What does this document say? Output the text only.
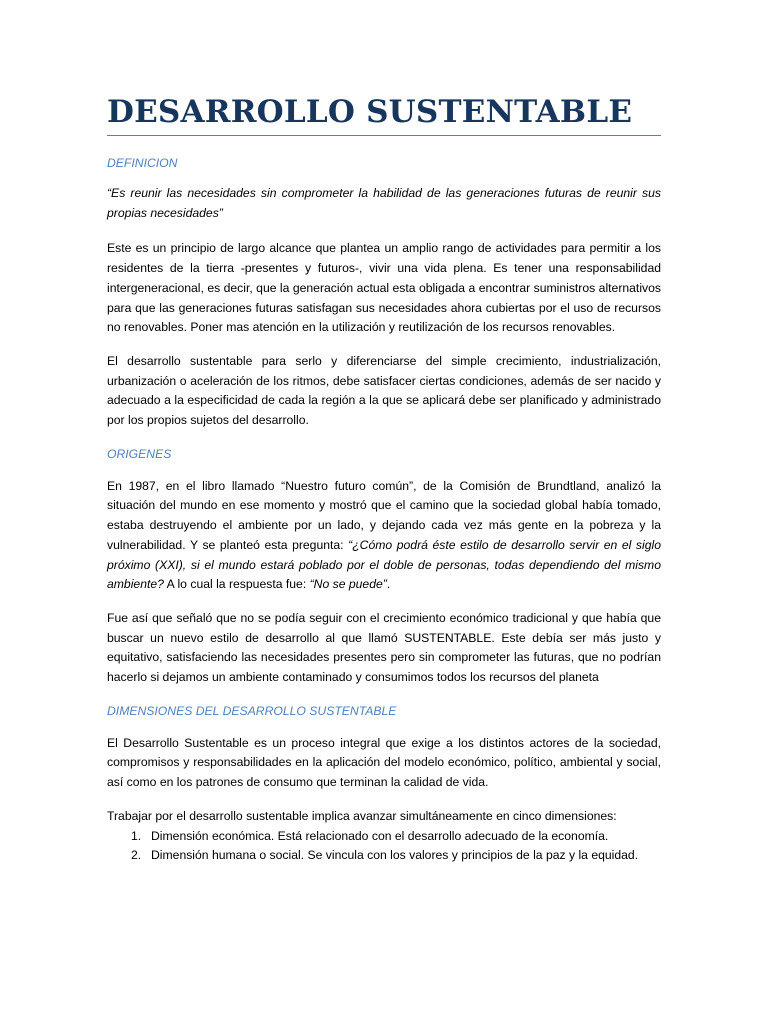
DESARROLLO SUSTENTABLE
DEFINICION

“Es reunir las necesidades sin comprometer la habilidad de las generaciones futuras de reunir sus propias necesidades”

Este es un principio de largo alcance que plantea un amplio rango de actividades para permitir a los residentes de la tierra -presentes y futuros-, vivir una vida plena. Es tener una responsabilidad intergeneracional, es decir, que la generación actual esta obligada a encontrar suministros alternativos para que las generaciones futuras satisfagan sus necesidades ahora cubiertas por el uso de recursos no renovables. Poner mas atención en la utilización y reutilización de los recursos renovables.

El desarrollo sustentable para serlo y diferenciarse del simple crecimiento, industrialización, urbanización o aceleración de los ritmos, debe satisfacer ciertas condiciones, además de ser nacido y adecuado a la especificidad de cada la región a la que se aplicará debe ser planificado y administrado por los propios sujetos del desarrollo.

ORIGENES

En 1987, en el libro llamado “Nuestro futuro común”, de la Comisión de Brundtland, analizó la situación del mundo en ese momento y mostró que el camino que la sociedad global había tomado, estaba destruyendo el ambiente por un lado, y dejando cada vez más gente en la pobreza y la vulnerabilidad. Y se planteó esta pregunta: “¿Cómo podrá éste estilo de desarrollo servir en el siglo próximo (XXI), si el mundo estará poblado por el doble de personas, todas dependiendo del mismo ambiente? A lo cual la respuesta fue: “No se puede”.

Fue así que señaló que no se podía seguir con el crecimiento económico tradicional y que había que buscar un nuevo estilo de desarrollo al que llamó SUSTENTABLE. Este debía ser más justo y equitativo, satisfaciendo las necesidades presentes pero sin comprometer las futuras, que no podrían hacerlo si dejamos un ambiente contaminado y consumimos todos los recursos del planeta

DIMENSIONES DEL DESARROLLO SUSTENTABLE

El Desarrollo Sustentable es un proceso integral que exige a los distintos actores de la sociedad, compromisos y responsabilidades en la aplicación del modelo económico, político, ambiental y social, así como en los patrones de consumo que terminan la calidad de vida.

Trabajar por el desarrollo sustentable implica avanzar simultáneamente en cinco dimensiones:

1. Dimensión económica. Está relacionado con el desarrollo adecuado de la economía.
2. Dimensión humana o social. Se vincula con los valores y principios de la paz y la equidad.
